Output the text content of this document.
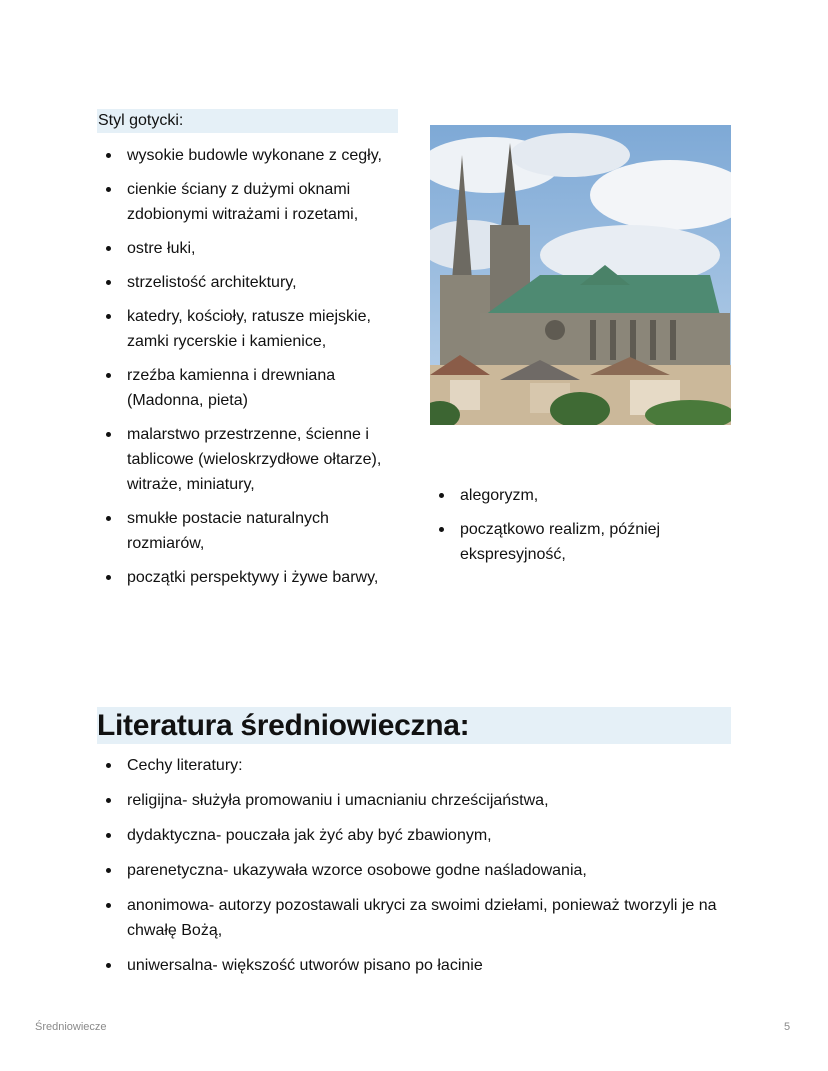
Styl gotycki:
wysokie budowle wykonane z cegły,
cienkie ściany z dużymi oknami zdobionymi witrażami i rozetami,
ostre łuki,
strzelistość architektury,
katedry, kościoły, ratusze miejskie, zamki rycerskie i kamienice,
rzeźba kamienna i drewniana (Madonna, pieta)
malarstwo przestrzenne, ścienne i tablicowe (wieloskrzydłowe ołtarze), witraże, miniatury,
smukłe postacie naturalnych rozmiarów,
początki perspektywy i żywe barwy,
alegoryzm,
początkowo realizm, później ekspresyjność,
Literatura średniowieczna:
Cechy literatury:
religijna- służyła promowaniu i umacnianiu chrześcijaństwa,
dydaktyczna- pouczała jak żyć aby być zbawionym,
parenetyczna- ukazywała wzorce osobowe godne naśladowania,
anonimowa- autorzy pozostawali ukryci za swoimi dziełami, ponieważ tworzyli je na chwałę Bożą,
uniwersalna- większość utworów pisano po łacinie
Średniowiecze	5
